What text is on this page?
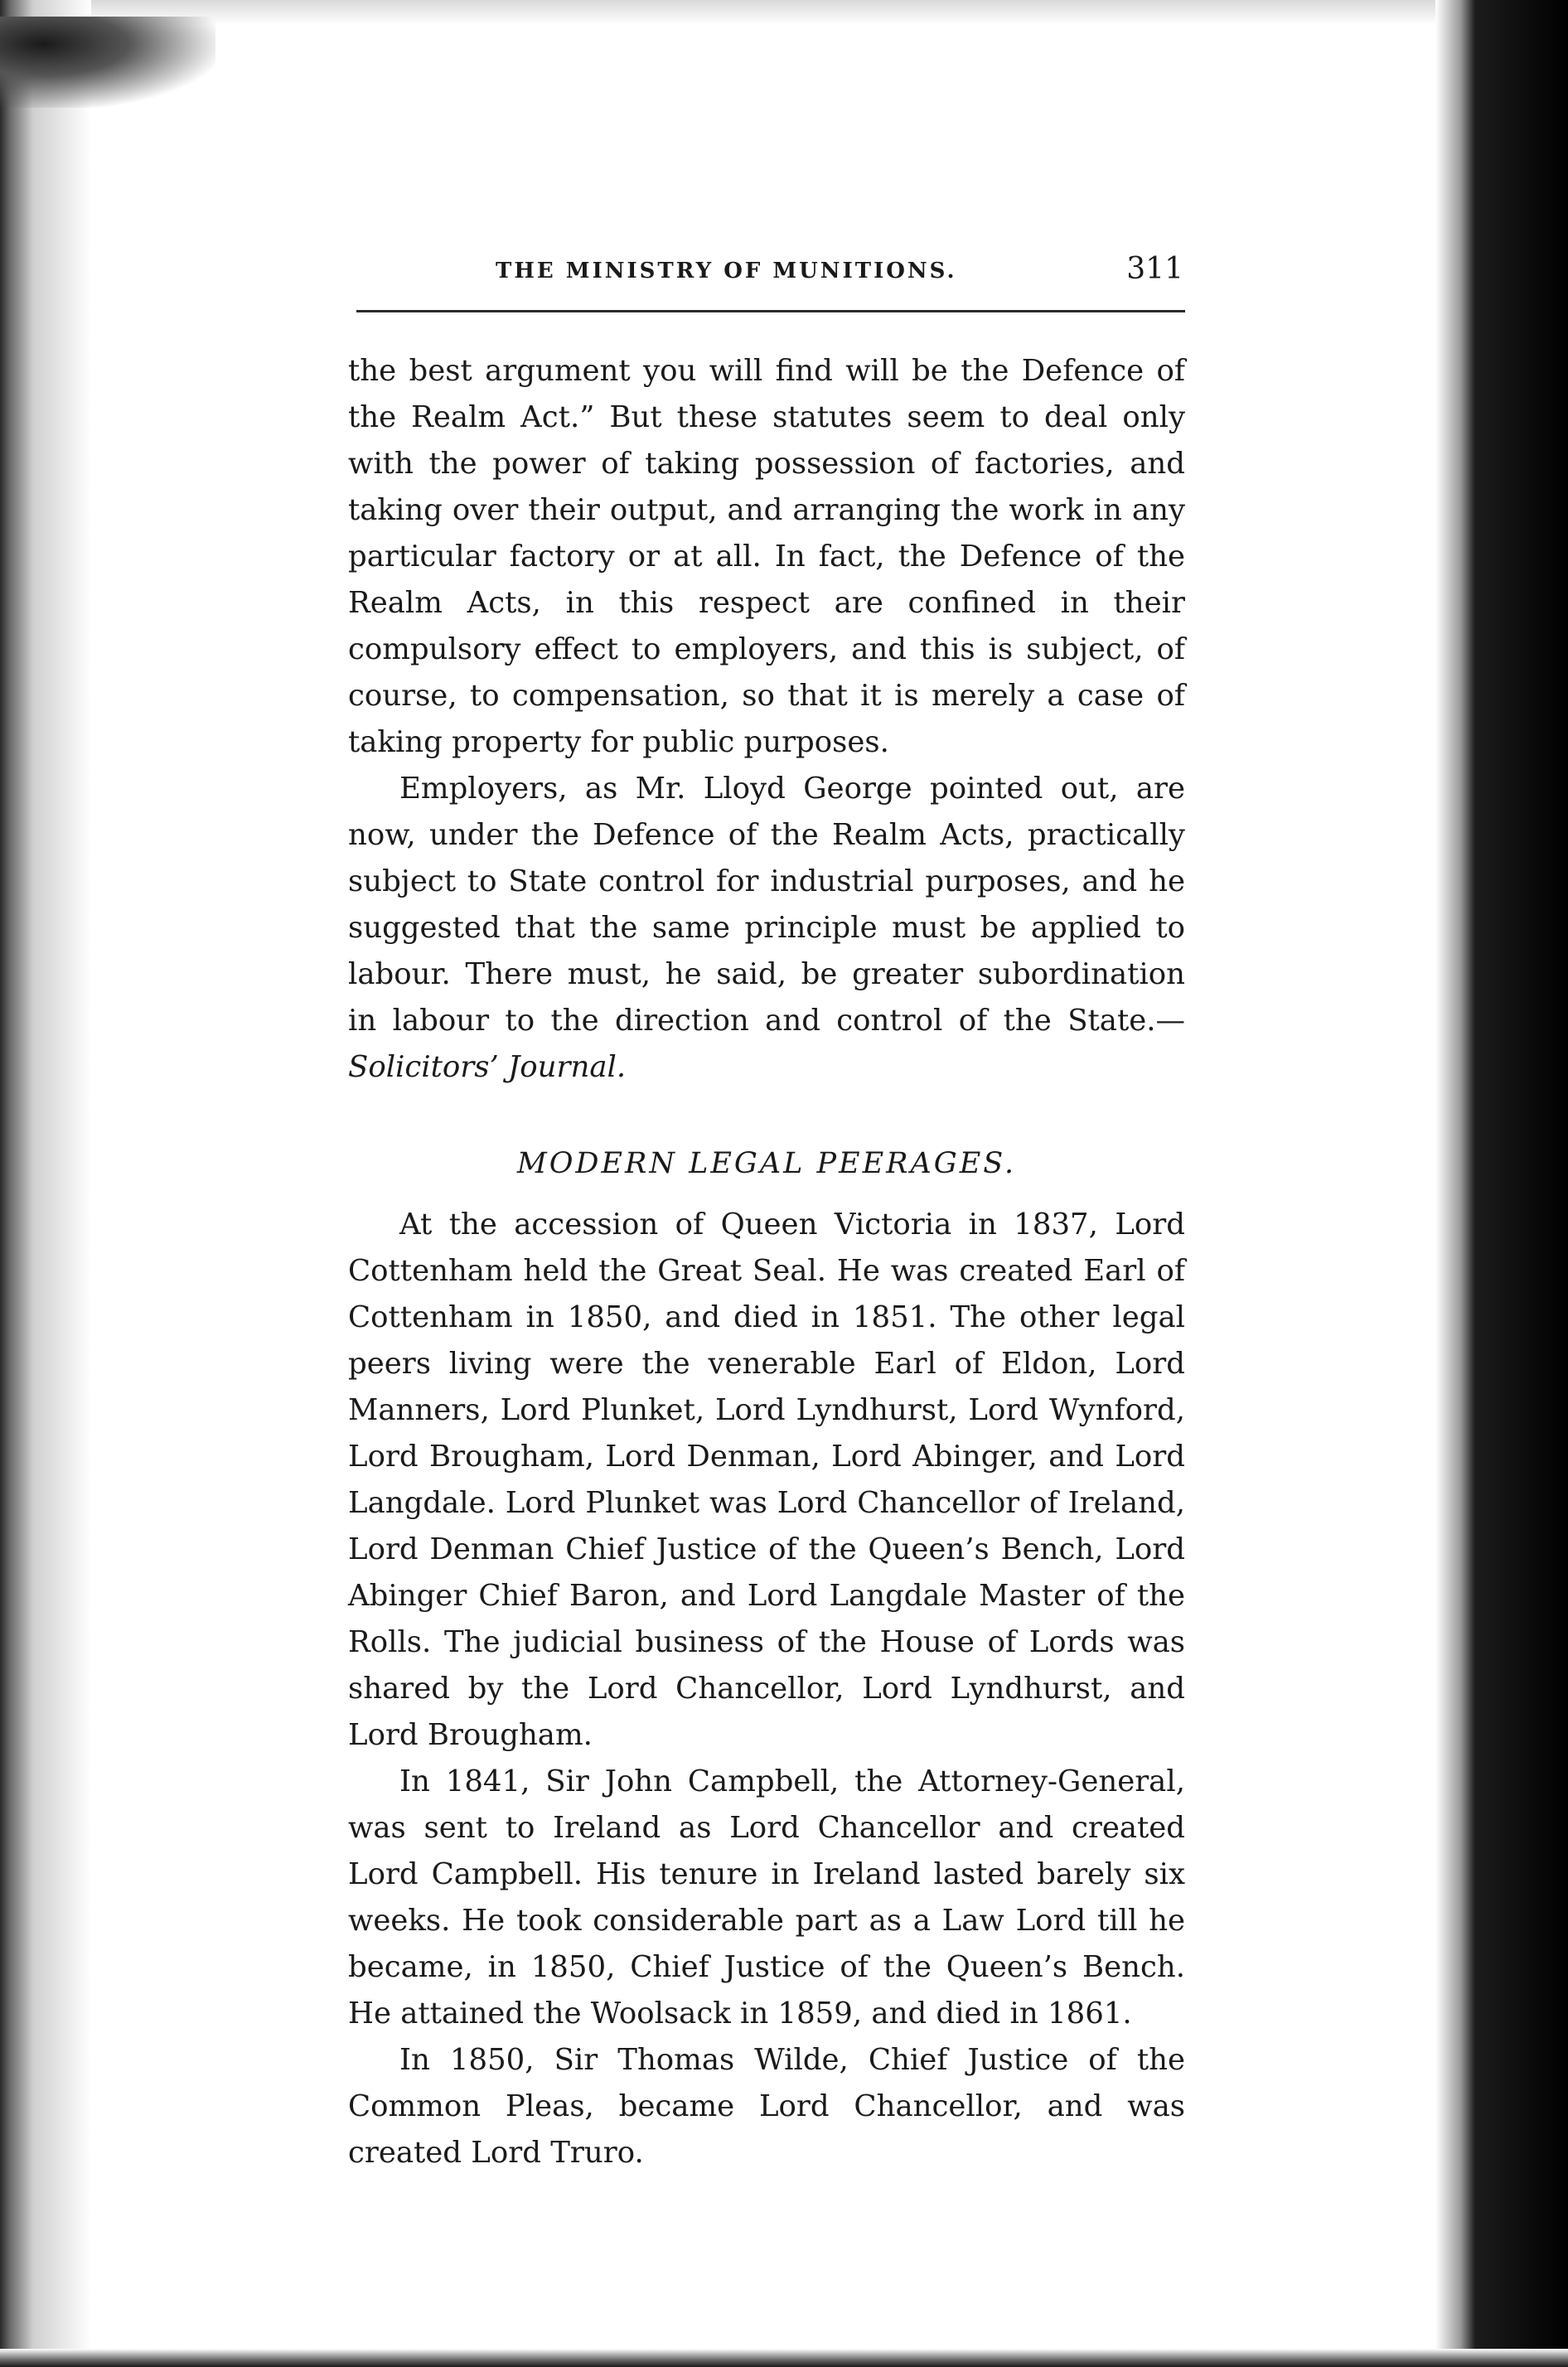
THE MINISTRY OF MUNITIONS.	311

the best argument you will find will be the Defence of the Realm Act.” But these statutes seem to deal only with the power of taking possession of factories, and taking over their output, and arranging the work in any particular factory or at all. In fact, the Defence of the Realm Acts, in this respect are confined in their compulsory effect to employers, and this is subject, of course, to compensation, so that it is merely a case of taking property for public purposes.

Employers, as Mr. Lloyd George pointed out, are now, under the Defence of the Realm Acts, practically subject to State control for industrial purposes, and he suggested that the same principle must be applied to labour. There must, he said, be greater subordination in labour to the direction and control of the State.—Solicitors’ Journal.

MODERN LEGAL PEERAGES.

At the accession of Queen Victoria in 1837, Lord Cottenham held the Great Seal. He was created Earl of Cottenham in 1850, and died in 1851. The other legal peers living were the venerable Earl of Eldon, Lord Manners, Lord Plunket, Lord Lyndhurst, Lord Wynford, Lord Brougham, Lord Denman, Lord Abinger, and Lord Langdale. Lord Plunket was Lord Chancellor of Ireland, Lord Denman Chief Justice of the Queen’s Bench, Lord Abinger Chief Baron, and Lord Langdale Master of the Rolls. The judicial business of the House of Lords was shared by the Lord Chancellor, Lord Lyndhurst, and Lord Brougham.

In 1841, Sir John Campbell, the Attorney-General, was sent to Ireland as Lord Chancellor and created Lord Campbell. His tenure in Ireland lasted barely six weeks. He took considerable part as a Law Lord till he became, in 1850, Chief Justice of the Queen’s Bench. He attained the Woolsack in 1859, and died in 1861.

In 1850, Sir Thomas Wilde, Chief Justice of the Common Pleas, became Lord Chancellor, and was created Lord Truro.
